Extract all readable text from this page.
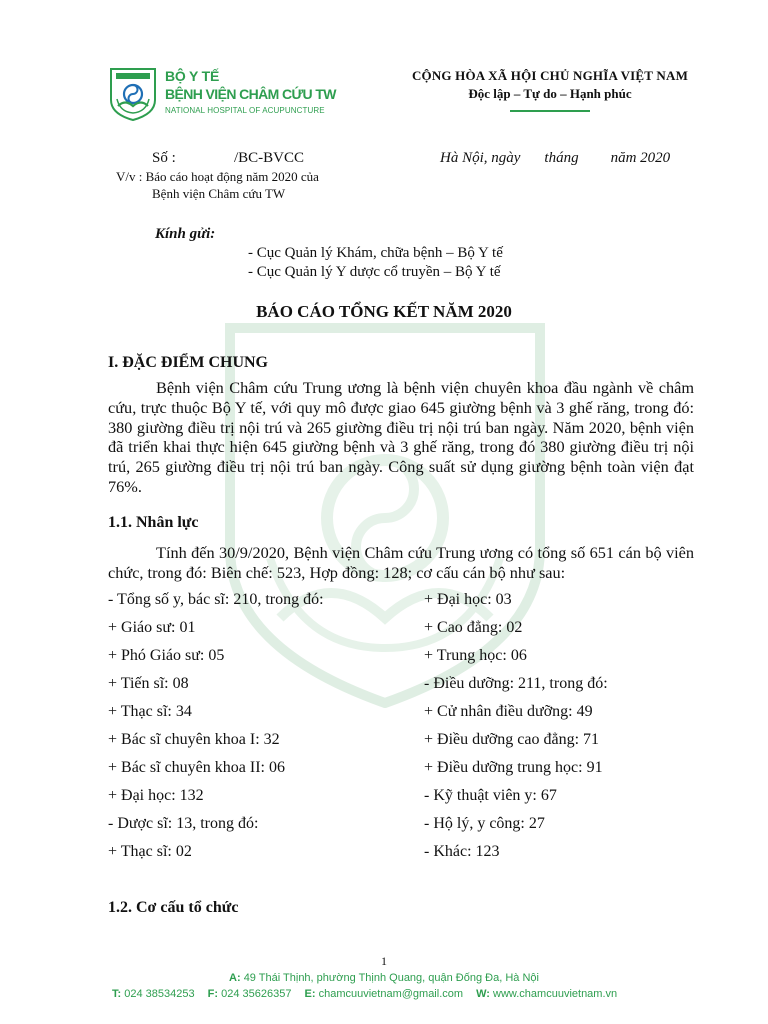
BỘ Y TẾ
BỆNH VIỆN CHÂM CỨU TW
NATIONAL HOSPITAL OF ACUPUNCTURE
CỘNG HÒA XÃ HỘI CHỦ NGHĨA VIỆT NAM
Độc lập – Tự do – Hạnh phúc
Số :	/BC-BVCC	Hà Nội, ngày tháng năm 2020
V/v : Báo cáo hoạt động năm 2020 của
Bệnh viện Châm cứu TW
Kính gửi:
- Cục Quản lý Khám, chữa bệnh – Bộ Y tế
- Cục Quản lý Y dược cổ truyền – Bộ Y tế
BÁO CÁO TỔNG KẾT NĂM 2020
I. ĐẶC ĐIỂM CHUNG
Bệnh viện Châm cứu Trung ương là bệnh viện chuyên khoa đầu ngành về châm cứu, trực thuộc Bộ Y tế, với quy mô được giao 645 giường bệnh và 3 ghế răng, trong đó: 380 giường điều trị nội trú và 265 giường điều trị nội trú ban ngày. Năm 2020, bệnh viện đã triển khai thực hiện 645 giường bệnh và 3 ghế răng, trong đó 380 giường điều trị nội trú, 265 giường điều trị nội trú ban ngày. Công suất sử dụng giường bệnh toàn viện đạt 76%.
1.1. Nhân lực
Tính đến 30/9/2020, Bệnh viện Châm cứu Trung ương có tổng số 651 cán bộ viên chức, trong đó: Biên chế: 523, Hợp đồng: 128; cơ cấu cán bộ như sau:
- Tổng số y, bác sĩ: 210, trong đó:
+ Giáo sư: 01
+ Phó Giáo sư: 05
+ Tiến sĩ: 08
+ Thạc sĩ: 34
+ Bác sĩ chuyên khoa I: 32
+ Bác sĩ chuyên khoa II: 06
+ Đại học: 132
- Dược sĩ: 13, trong đó:
+ Thạc sĩ: 02
+ Đại học: 03
+ Cao đẳng: 02
+ Trung học: 06
- Điều dưỡng: 211, trong đó:
+ Cử nhân điều dưỡng: 49
+ Điều dưỡng cao đẳng: 71
+ Điều dưỡng trung học: 91
- Kỹ thuật viên y: 67
- Hộ lý, y công: 27
- Khác: 123
1.2. Cơ cấu tổ chức
1
A: 49 Thái Thịnh, phường Thịnh Quang, quận Đống Đa, Hà Nội
T: 024 38534253 F: 024 35626357 E: chamcuuvietnam@gmail.com W: www.chamcuuvietnam.vn
